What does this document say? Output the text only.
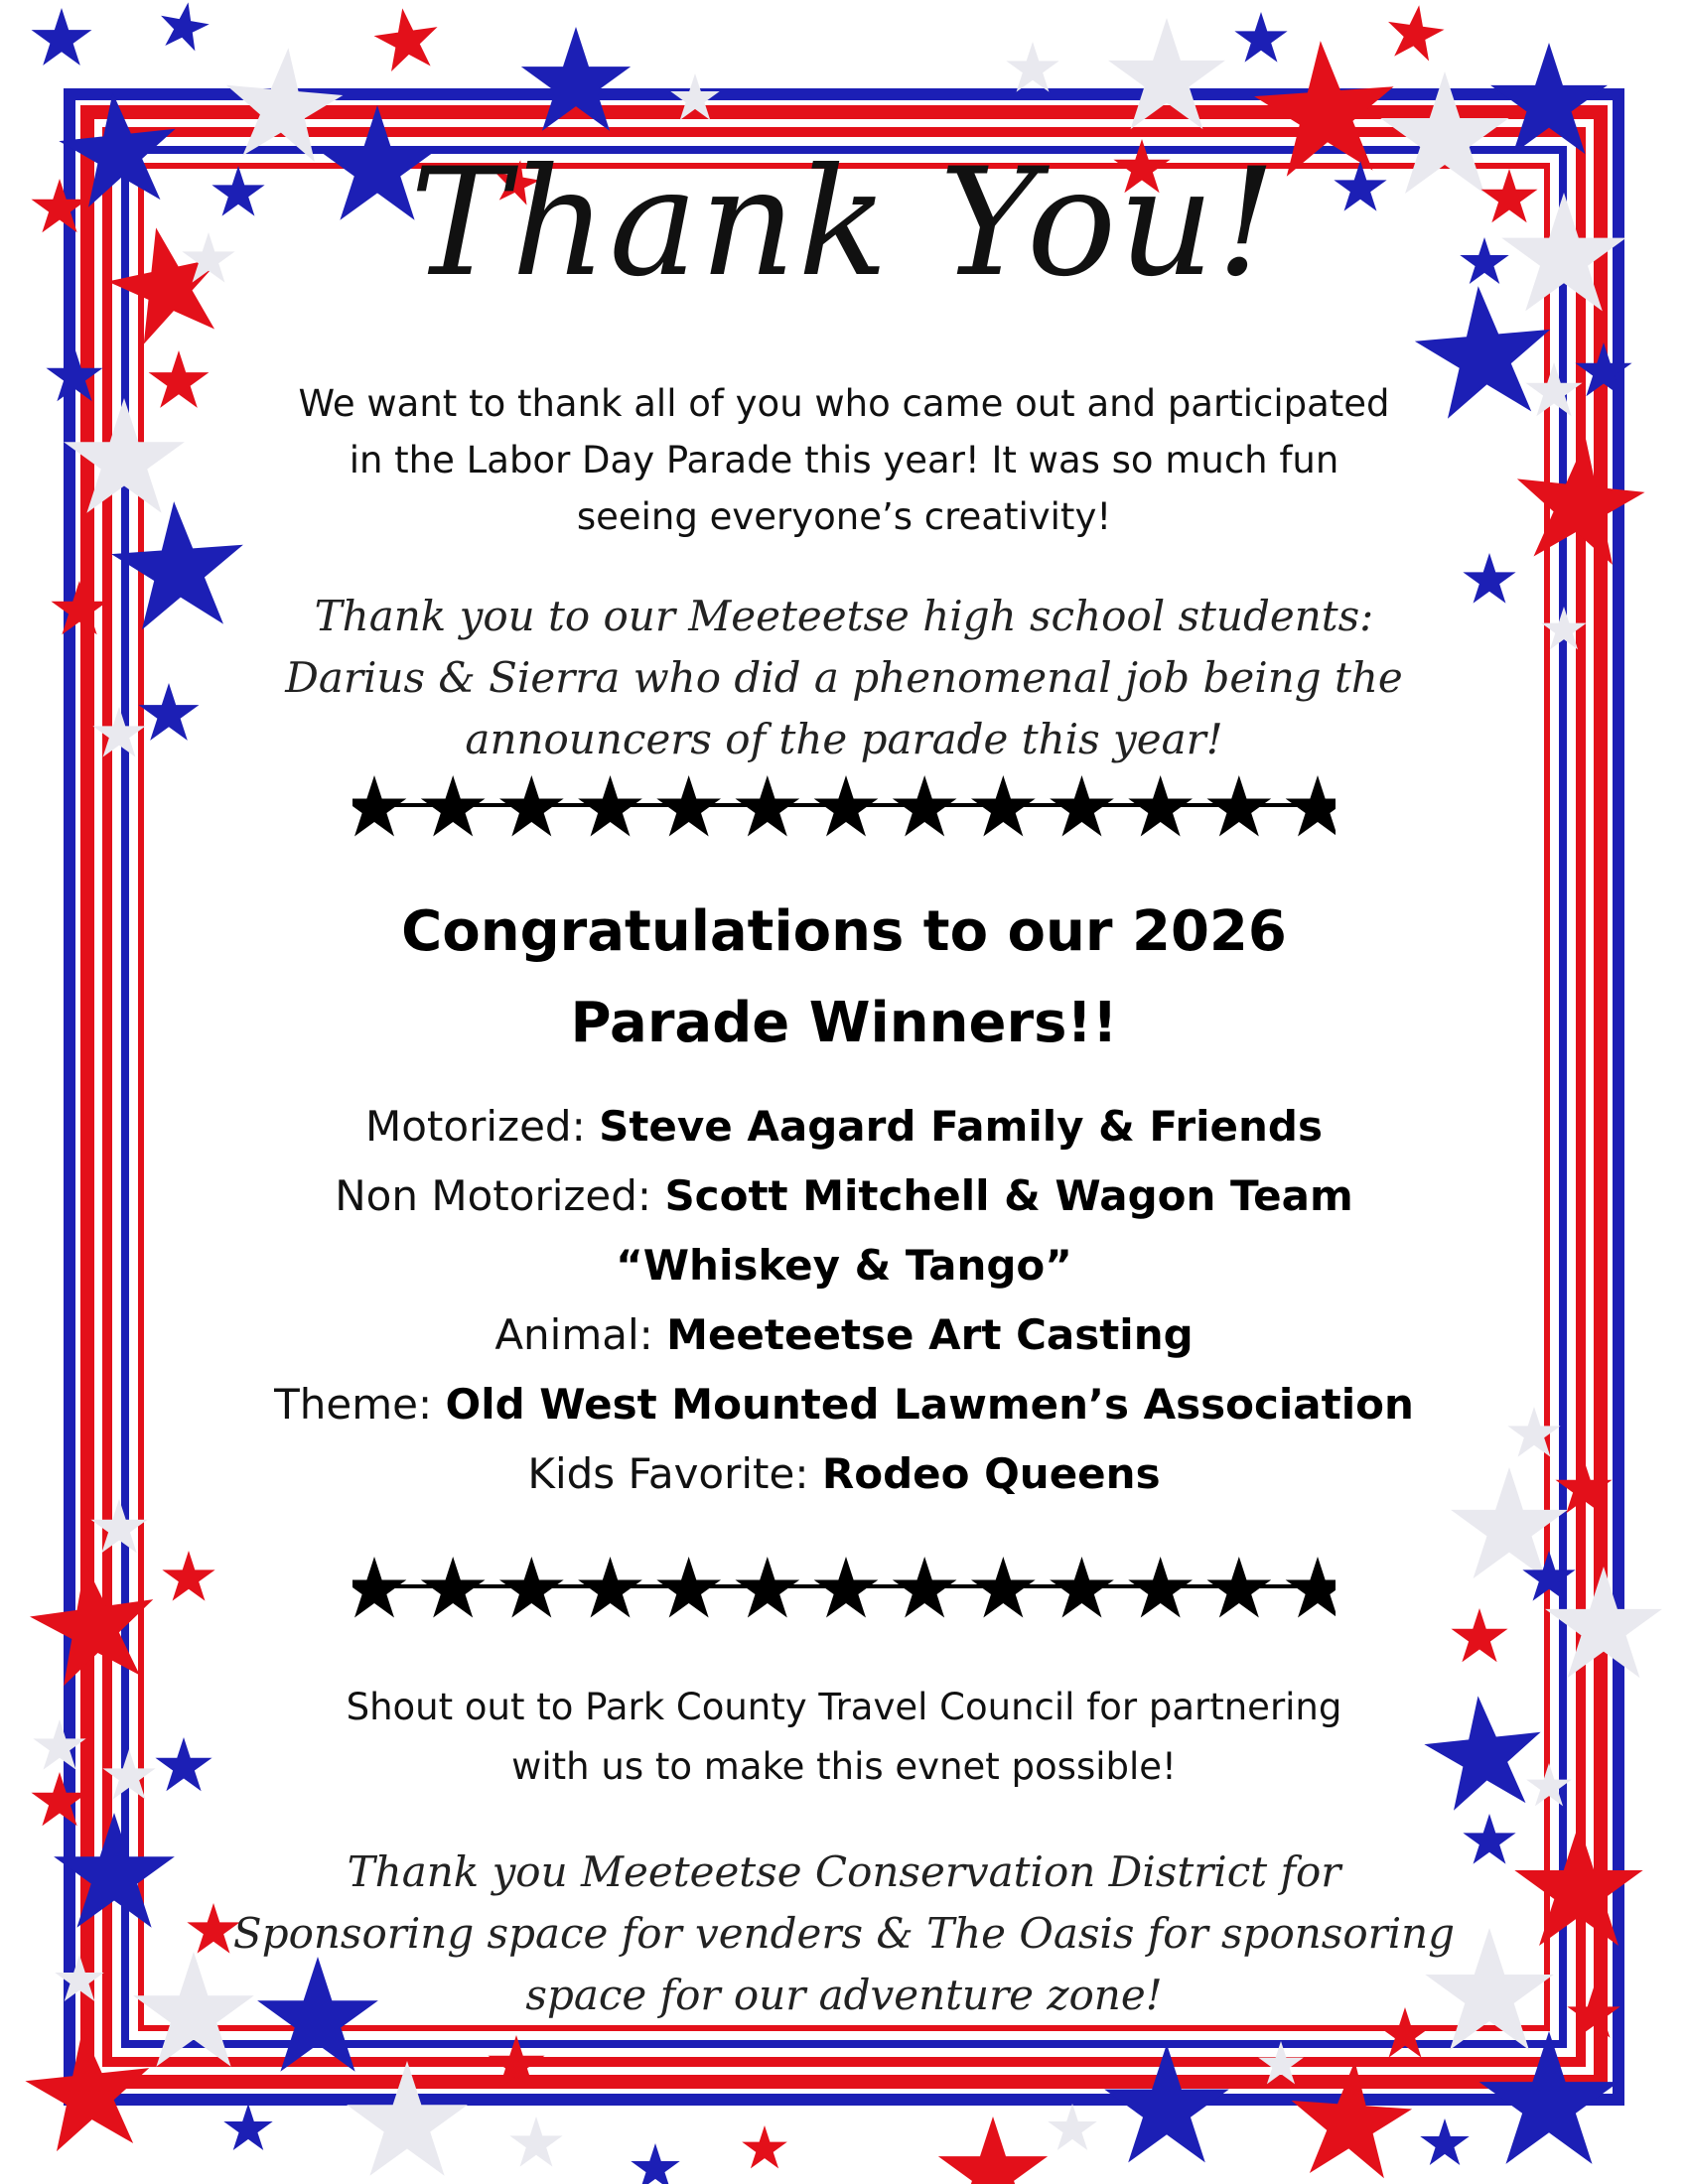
Thank You!
We want to thank all of you who came out and participated
in the Labor Day Parade this year! It was so much fun
seeing everyone’s creativity!
Thank you to our Meeteetse high school students:
Darius & Sierra who did a phenomenal job being the
announcers of the parade this year!
Congratulations to our 2026
Parade Winners!!
Motorized: Steve Aagard Family & Friends
Non Motorized: Scott Mitchell & Wagon Team
“Whiskey & Tango”
Animal: Meeteetse Art Casting
Theme: Old West Mounted Lawmen’s Association
Kids Favorite: Rodeo Queens
Shout out to Park County Travel Council for partnering
with us to make this evnet possible!
Thank you Meeteetse Conservation District for
Sponsoring space for venders & The Oasis for sponsoring
space for our adventure zone!
